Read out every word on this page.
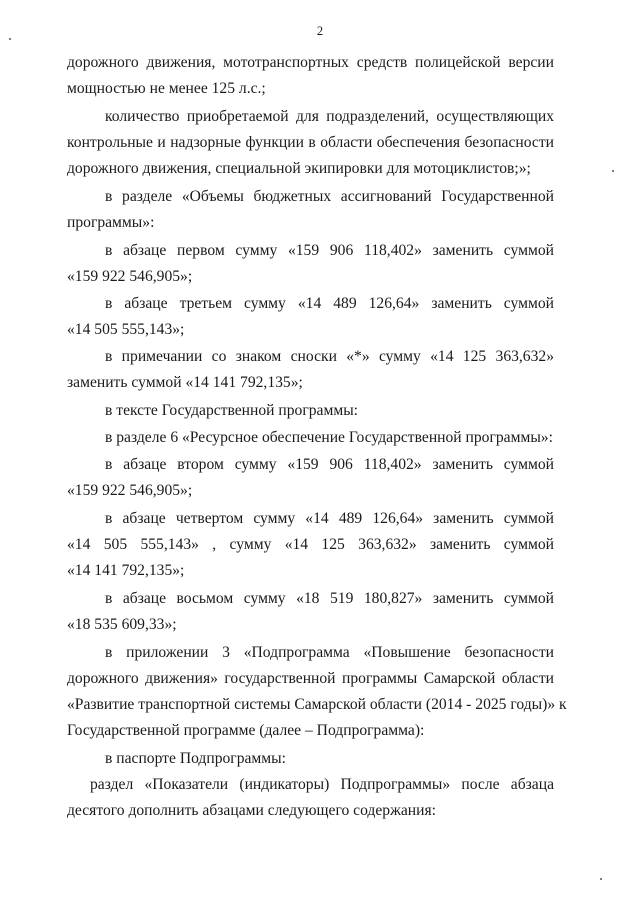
2
дорожного движения, мототранспортных средств полицейской версии
мощностью не менее 125 л.с.;
количество приобретаемой для подразделений, осуществляющих
контрольные и надзорные функции в области обеспечения безопасности
дорожного движения, специальной экипировки для мотоциклистов;»;
в разделе «Объемы бюджетных ассигнований Государственной
программы»:
в абзаце первом сумму «159 906 118,402» заменить суммой
«159 922 546,905»;
в абзаце третьем сумму «14 489 126,64» заменить суммой
«14 505 555,143»;
в примечании со знаком сноски «*» сумму «14 125 363,632»
заменить суммой «14 141 792,135»;
в тексте Государственной программы:
в разделе 6 «Ресурсное обеспечение Государственной программы»:
в абзаце втором сумму «159 906 118,402» заменить суммой
«159 922 546,905»;
в абзаце четвертом сумму «14 489 126,64» заменить суммой
«14 505 555,143» , сумму «14 125 363,632» заменить суммой
«14 141 792,135»;
в абзаце восьмом сумму «18 519 180,827» заменить суммой
«18 535 609,33»;
в приложении 3 «Подпрограмма «Повышение безопасности
дорожного движения» государственной программы Самарской области
«Развитие транспортной системы Самарской области (2014 - 2025 годы)» к
Государственной программе (далее – Подпрограмма):
в паспорте Подпрограммы:
раздел «Показатели (индикаторы) Подпрограммы» после абзаца
десятого дополнить абзацами следующего содержания:
